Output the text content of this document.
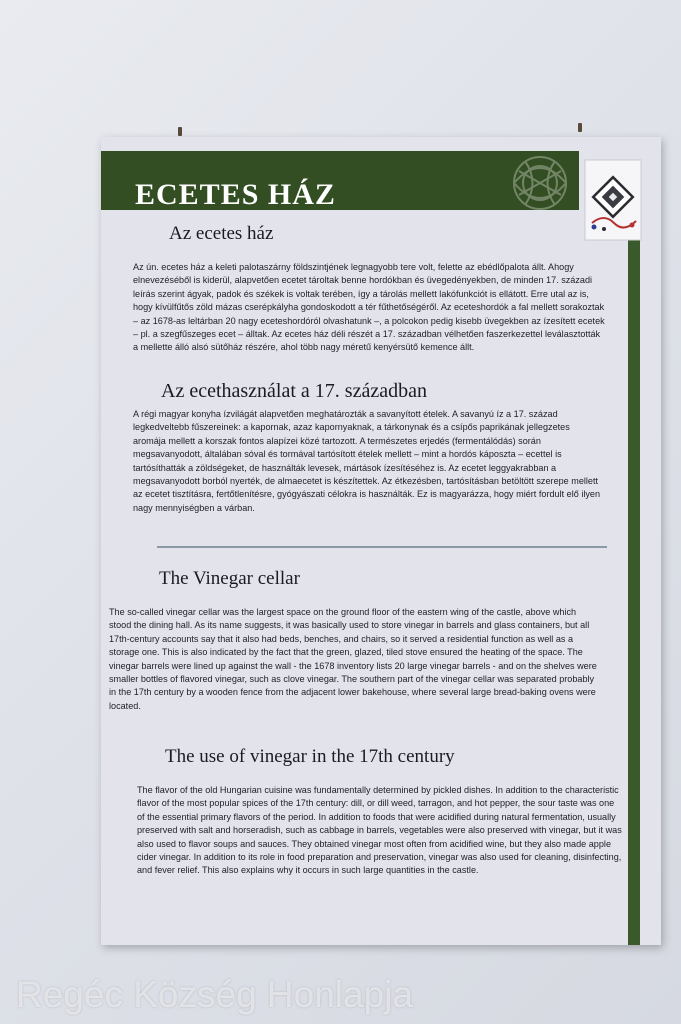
ECETES HÁZ
Az ecetes ház

Az ún. ecetes ház a keleti palotaszárny földszintjének legnagyobb tere volt, felette az ebédlőpalota állt. Ahogy elnevezéséből is kiderül, alapvetően ecetet tároltak benne hordókban és üvegedényekben, de minden 17. századi leírás szerint ágyak, padok és székek is voltak terében, így a tárolás mellett lakófunkciót is ellátott. Erre utal az is, hogy kívülfűtős zöld mázas cserépkályha gondoskodott a tér fűthetőségéről. Az eceteshordók a fal mellett sorakoztak – az 1678-as leltárban 20 nagy eceteshordóról olvashatunk –, a polcokon pedig kisebb üvegekben az ízesített ecetek – pl. a szegfűszeges ecet – álltak. Az ecetes ház déli részét a 17. században vélhetően faszerkezettel leválasztották a mellette álló alsó sütőház részére, ahol több nagy méretű kenyérsütő kemence állt.

Az ecethasználat a 17. században

A régi magyar konyha ízvilágát alapvetően meghatározták a savanyított ételek. A savanyú íz a 17. század legkedveltebb fűszereinek: a kapornak, azaz kapornyaknak, a tárkonynak és a csípős paprikának jellegzetes aromája mellett a korszak fontos alapízei közé tartozott. A természetes erjedés (fermentálódás) során megsavanyodott, általában sóval és tormával tartósított ételek mellett – mint a hordós káposzta – ecettel is tartósíthatták a zöldségeket, de használták levesek, mártások ízesítéséhez is. Az ecetet leggyakrabban a megsavanyodott borból nyerték, de almaecetet is készítettek. Az étkezésben, tartósításban betöltött szerepe mellett az ecetet tisztításra, fertőtlenítésre, gyógyászati célokra is használták. Ez is magyarázza, hogy miért fordult elő ilyen nagy mennyiségben a várban.

The Vinegar cellar

The so-called vinegar cellar was the largest space on the ground floor of the eastern wing of the castle, above which stood the dining hall. As its name suggests, it was basically used to store vinegar in barrels and glass containers, but all 17th-century accounts say that it also had beds, benches, and chairs, so it served a residential function as well as a storage one. This is also indicated by the fact that the green, glazed, tiled stove ensured the heating of the space. The vinegar barrels were lined up against the wall - the 1678 inventory lists 20 large vinegar barrels - and on the shelves were smaller bottles of flavored vinegar, such as clove vinegar. The southern part of the vinegar cellar was separated probably in the 17th century by a wooden fence from the adjacent lower bakehouse, where several large bread-baking ovens were located.

The use of vinegar in the 17th century

The flavor of the old Hungarian cuisine was fundamentally determined by pickled dishes. In addition to the characteristic flavor of the most popular spices of the 17th century: dill, or dill weed, tarragon, and hot pepper, the sour taste was one of the essential primary flavors of the period. In addition to foods that were acidified during natural fermentation, usually preserved with salt and horseradish, such as cabbage in barrels, vegetables were also preserved with vinegar, but it was also used to flavor soups and sauces. They obtained vinegar most often from acidified wine, but they also made apple cider vinegar. In addition to its role in food preparation and preservation, vinegar was also used for cleaning, disinfecting, and fever relief. This also explains why it occurs in such large quantities in the castle.

Regéc Község Honlapja
